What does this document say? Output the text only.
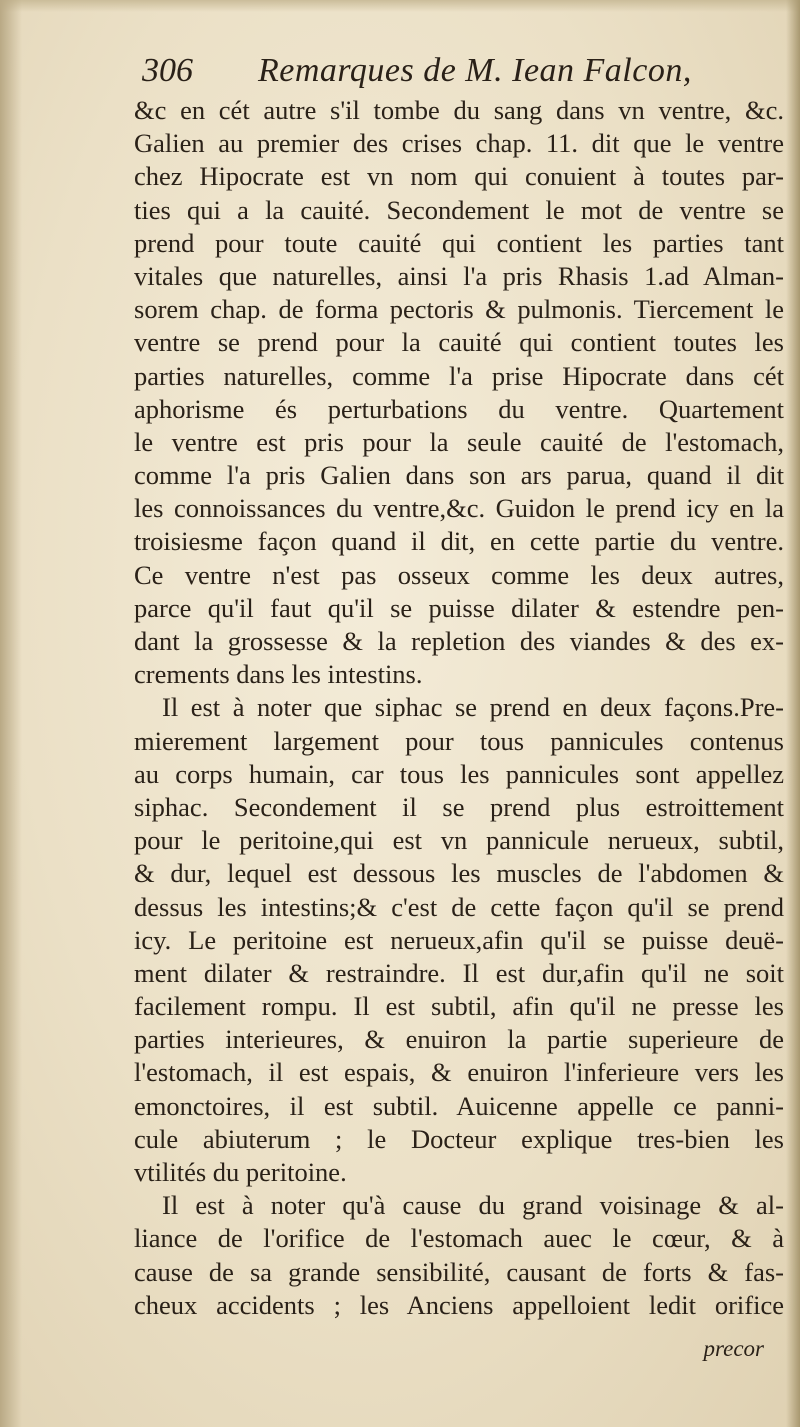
306 Remarques de M. Iean Falcon,
&c en cét autre s'il tombe du sang dans vn ventre, &c.
Galien au premier des crises chap. 11. dit que le ventre
chez Hipocrate est vn nom qui conuient à toutes par-
ties qui a la cauité. Secondement le mot de ventre se
prend pour toute cauité qui contient les parties tant
vitales que naturelles, ainsi l'a pris Rhasis 1.ad Alman-
sorem chap. de forma pectoris & pulmonis. Tiercement le
ventre se prend pour la cauité qui contient toutes les
parties naturelles, comme l'a prise Hipocrate dans cét
aphorisme és perturbations du ventre. Quartement
le ventre est pris pour la seule cauité de l'estomach,
comme l'a pris Galien dans son ars parua, quand il dit
les connoissances du ventre,&c. Guidon le prend icy en la
troisiesme façon quand il dit, en cette partie du ventre.
Ce ventre n'est pas osseux comme les deux autres,
parce qu'il faut qu'il se puisse dilater & estendre pen-
dant la grossesse & la repletion des viandes & des ex-
crements dans les intestins.
Il est à noter que siphac se prend en deux façons.Pre-
mierement largement pour tous pannicules contenus
au corps humain, car tous les pannicules sont appellez
siphac. Secondement il se prend plus estroittement
pour le peritoine,qui est vn pannicule nerueux, subtil,
& dur, lequel est dessous les muscles de l'abdomen &
dessus les intestins;& c'est de cette façon qu'il se prend
icy. Le peritoine est nerueux,afin qu'il se puisse deuë-
ment dilater & restraindre. Il est dur,afin qu'il ne soit
facilement rompu. Il est subtil, afin qu'il ne presse les
parties interieures, & enuiron la partie superieure de
l'estomach, il est espais, & enuiron l'inferieure vers les
emonctoires, il est subtil. Auicenne appelle ce panni-
cule abiuterum ; le Docteur explique tres-bien les
vtilités du peritoine.
Il est à noter qu'à cause du grand voisinage & al-
liance de l'orifice de l'estomach auec le cœur, & à
cause de sa grande sensibilité, causant de forts & fas-
cheux accidents ; les Anciens appelloient ledit orifice
precor
